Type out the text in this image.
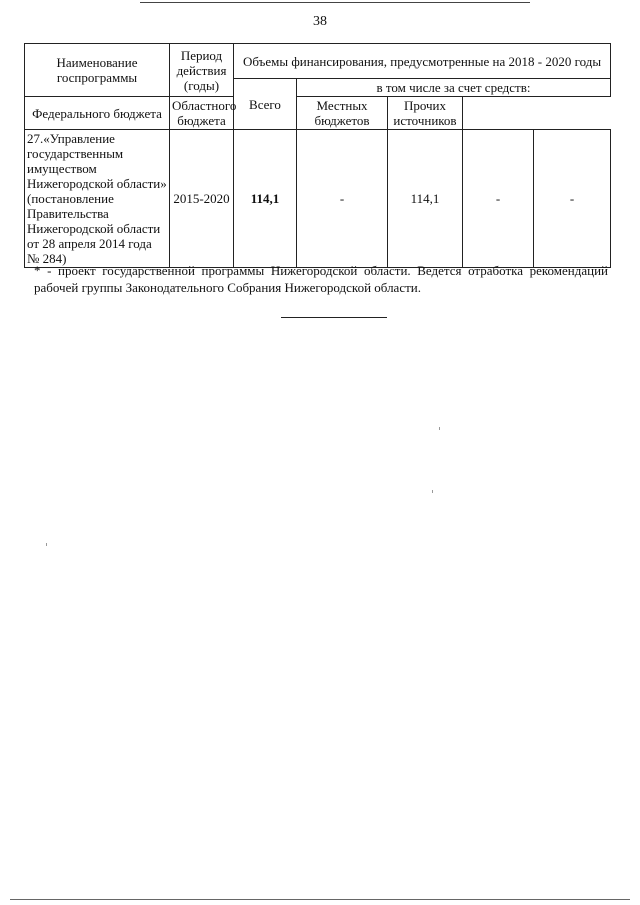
38
Наименование госпрограммы	Период действия (годы)	Объемы финансирования, предусмотренные на 2018 - 2020 годы				
		Всего	в том числе за счет средств:			
Федерального бюджета	Областного бюджета		Местных бюджетов	Прочих источников		
27.«Управление государственным имуществом Нижегородской области» (постановление Правительства Нижегородской области от 28 апреля 2014 года № 284)	2015-2020	114,1	-	114,1	-	-
* - проект государственной программы Нижегородской области. Ведется отработка рекомендаций рабочей группы Законодательного Собрания Нижегородской области.
